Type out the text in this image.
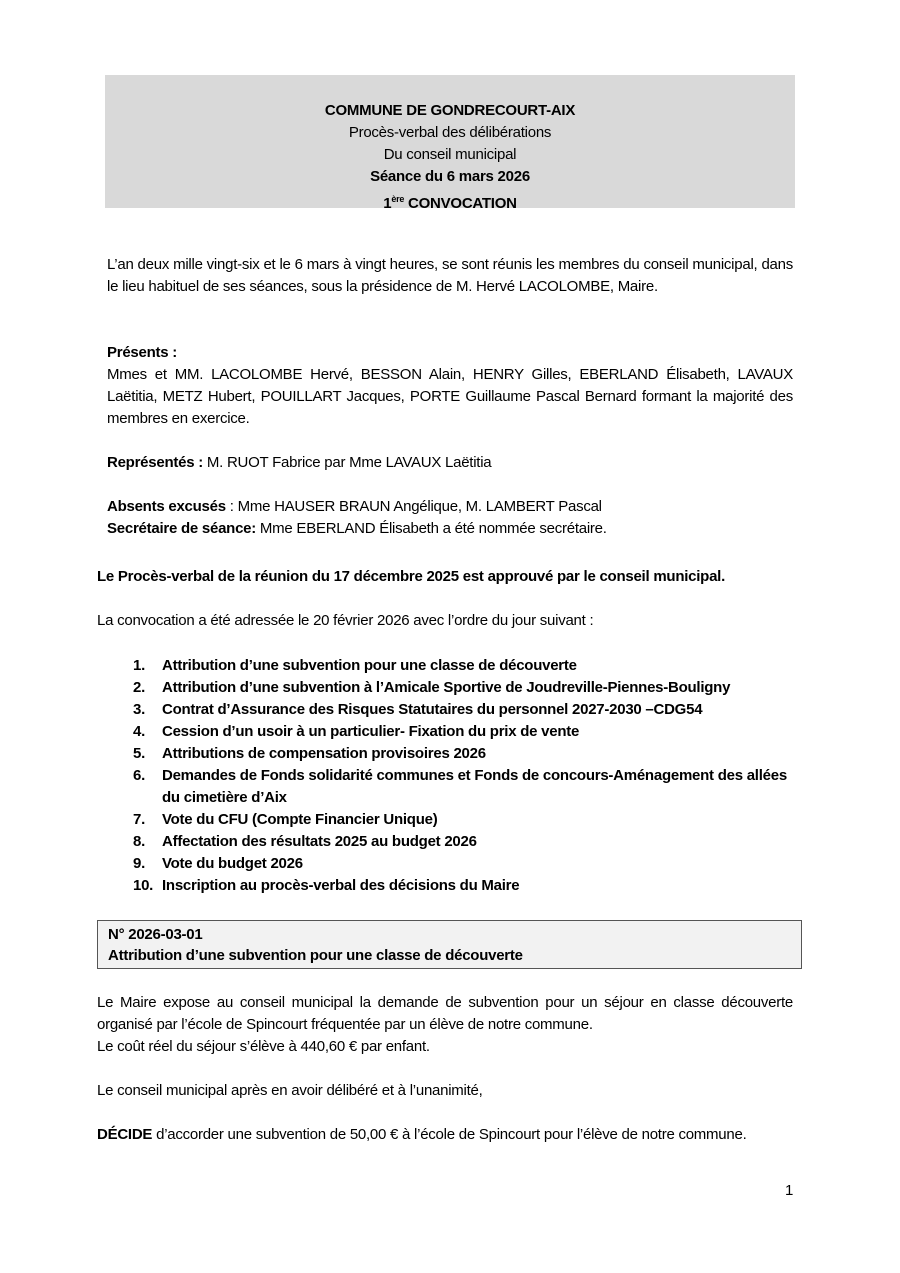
COMMUNE DE GONDRECOURT-AIX
Procès-verbal des délibérations
Du conseil municipal
Séance du 6 mars 2026
1ère CONVOCATION

L’an deux mille vingt-six et le 6 mars à vingt heures, se sont réunis les membres du conseil municipal, dans le lieu habituel de ses séances, sous la présidence de M. Hervé LACOLOMBE, Maire.

Présents :

Mmes et MM. LACOLOMBE Hervé, BESSON Alain, HENRY Gilles, EBERLAND Élisabeth, LAVAUX Laëtitia, METZ Hubert, POUILLART Jacques, PORTE Guillaume Pascal Bernard formant la majorité des membres en exercice.

Représentés : M. RUOT Fabrice par Mme LAVAUX Laëtitia

Absents excusés : Mme HAUSER BRAUN Angélique, M. LAMBERT Pascal

Secrétaire de séance: Mme EBERLAND Élisabeth a été nommée secrétaire.

Le Procès-verbal de la réunion du 17 décembre 2025 est approuvé par le conseil municipal.

La convocation a été adressée le 20 février 2026 avec l’ordre du jour suivant :

1. Attribution d’une subvention pour une classe de découverte
2. Attribution d’une subvention à l’Amicale Sportive de Joudreville-Piennes-Bouligny
3. Contrat d’Assurance des Risques Statutaires du personnel 2027-2030 –CDG54
4. Cession d’un usoir à un particulier- Fixation du prix de vente
5. Attributions de compensation provisoires 2026
6. Demandes de Fonds solidarité communes et Fonds de concours-Aménagement des allées du cimetière d’Aix
7. Vote du CFU (Compte Financier Unique)
8. Affectation des résultats 2025 au budget 2026
9. Vote du budget 2026
10. Inscription au procès-verbal des décisions du Maire
N° 2026-03-01
Attribution d’une subvention pour une classe de découverte

Le Maire expose au conseil municipal la demande de subvention pour un séjour en classe découverte organisé par l’école de Spincourt fréquentée par un élève de notre commune.

Le coût réel du séjour s’élève à 440,60 € par enfant.

Le conseil municipal après en avoir délibéré et à l’unanimité,

DÉCIDE d’accorder une subvention de 50,00 € à l’école de Spincourt pour l’élève de notre commune.

1
